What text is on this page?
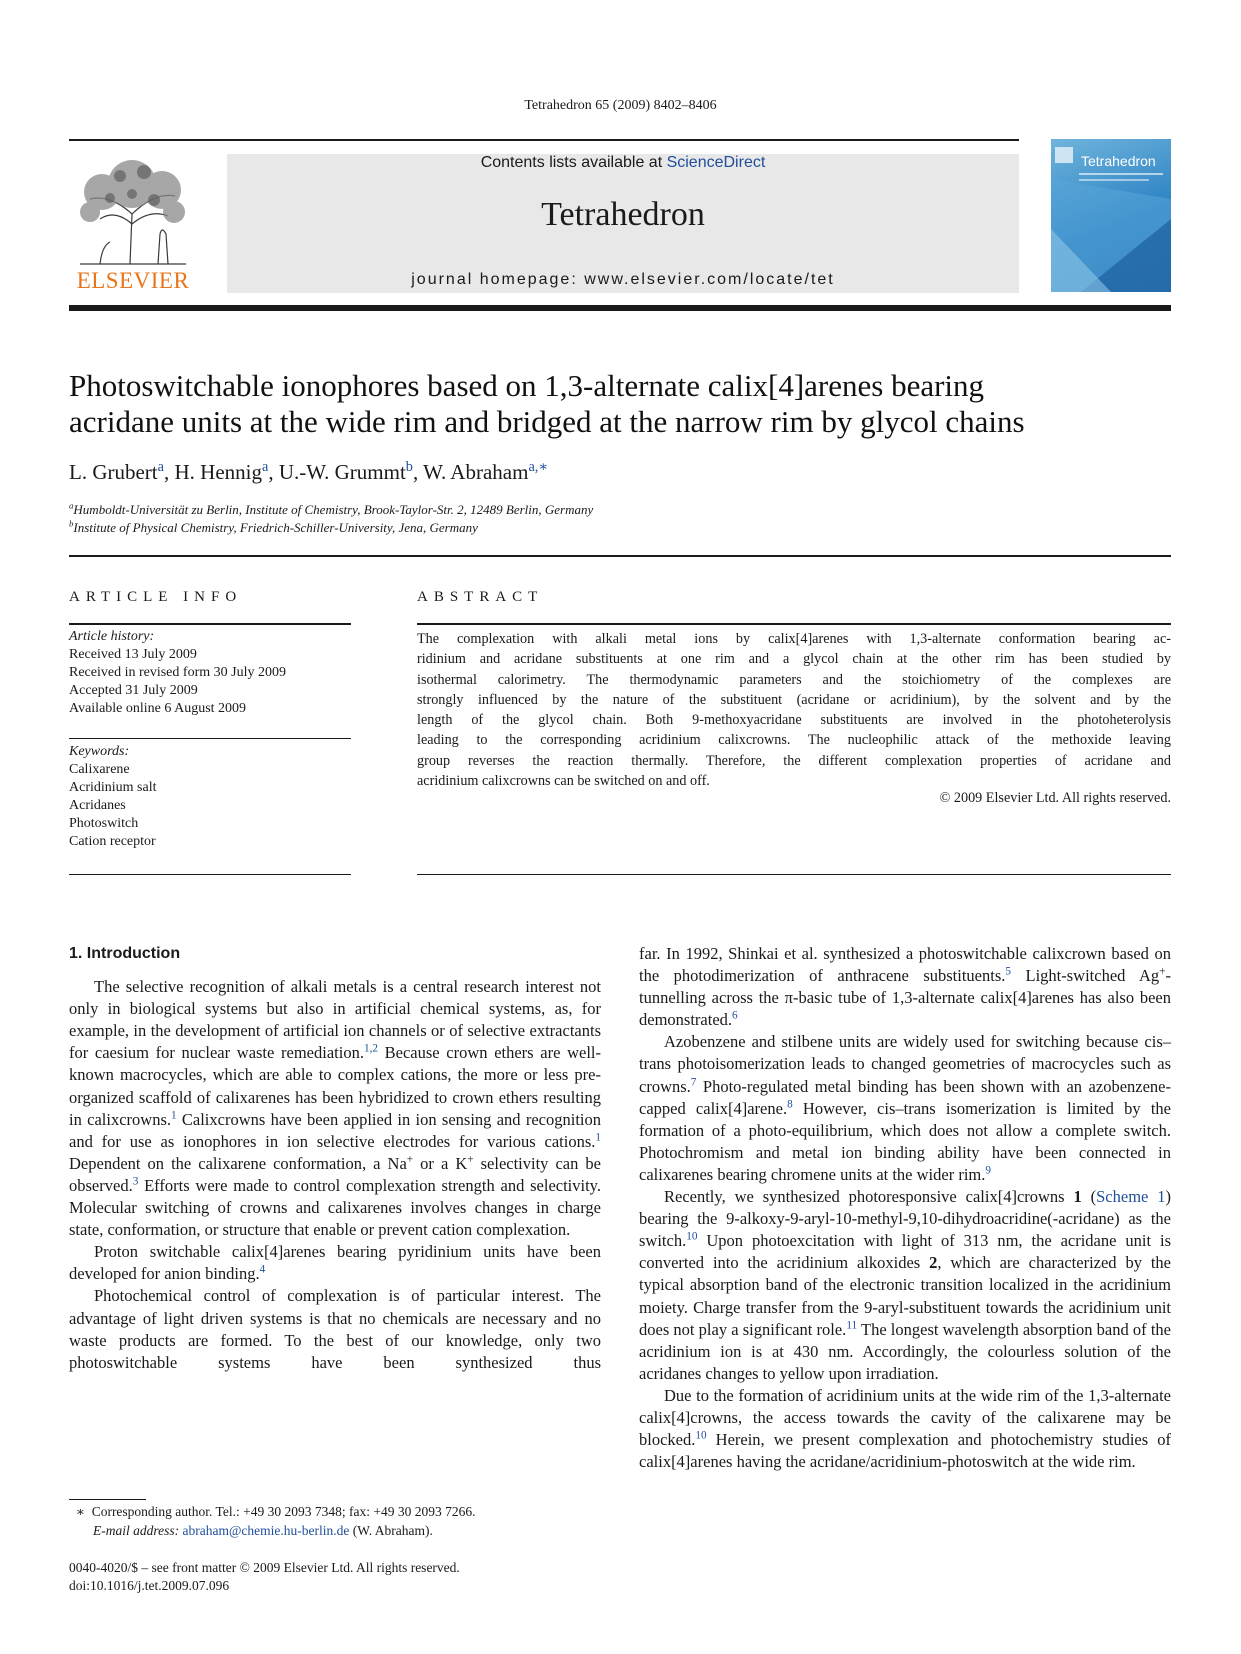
Tetrahedron 65 (2009) 8402–8406
ELSEVIER
Contents lists available at ScienceDirect
Tetrahedron
journal homepage: www.elsevier.com/locate/tet
Tetrahedron
Photoswitchable ionophores based on 1,3-alternate calix[4]arenes bearing
acridane units at the wide rim and bridged at the narrow rim by glycol chains
L. Grubert$^a$, H. Hennig$^a$, U.-W. Grummt$^b$, W. Abraham$^{a,∗}$
$^a$Humboldt-Universität zu Berlin, Institute of Chemistry, Brook-Taylor-Str. 2, 12489 Berlin, Germany
$^b$Institute of Physical Chemistry, Friedrich-Schiller-University, Jena, Germany
ARTICLE INFO
Article history:
Received 13 July 2009
Received in revised form 30 July 2009
Accepted 31 July 2009
Available online 6 August 2009
Keywords:
Calixarene
Acridinium salt
Acridanes
Photoswitch
Cation receptor
ABSTRACT
The complexation with alkali metal ions by calix[4]arenes with 1,3-alternate conformation bearing ac-
ridinium and acridane substituents at one rim and a glycol chain at the other rim has been studied by
isothermal calorimetry. The thermodynamic parameters and the stoichiometry of the complexes are
strongly influenced by the nature of the substituent (acridane or acridinium), by the solvent and by the
length of the glycol chain. Both 9-methoxyacridane substituents are involved in the photoheterolysis
leading to the corresponding acridinium calixcrowns. The nucleophilic attack of the methoxide leaving
group reverses the reaction thermally. Therefore, the different complexation properties of acridane and
acridinium calixcrowns can be switched on and off.
© 2009 Elsevier Ltd. All rights reserved.
1. Introduction

The selective recognition of alkali metals is a central research interest not only in biological systems but also in artificial chemical systems, as, for example, in the development of artificial ion channels or of selective extractants for caesium for nuclear waste remediation.$^{1,2}$ Because crown ethers are well-known macrocycles, which are able to complex cations, the more or less pre-organized scaffold of calixarenes has been hybridized to crown ethers resulting in calixcrowns.$^1$ Calixcrowns have been applied in ion sensing and recognition and for use as ionophores in ion selective electrodes for various cations.$^1$ Dependent on the calixarene conformation, a Na+ or a K+ selectivity can be observed.$^3$ Efforts were made to control complexation strength and selectivity. Molecular switching of crowns and calixarenes involves changes in charge state, conformation, or structure that enable or prevent cation complexation.

Proton switchable calix[4]arenes bearing pyridinium units have been developed for anion binding.$^4$

Photochemical control of complexation is of particular interest. The advantage of light driven systems is that no chemicals are necessary and no waste products are formed. To the best of our knowledge, only two photoswitchable systems have been synthesized thus

far. In 1992, Shinkai et al. synthesized a photoswitchable calixcrown based on the photodimerization of anthracene substituents.$^5$ Light-switched Ag+-tunnelling across the π-basic tube of 1,3-alternate calix[4]arenes has also been demonstrated.$^6$

Azobenzene and stilbene units are widely used for switching because cis–trans photoisomerization leads to changed geometries of macrocycles such as crowns.$^7$ Photo-regulated metal binding has been shown with an azobenzene-capped calix[4]arene.$^8$ However, cis–trans isomerization is limited by the formation of a photo-equilibrium, which does not allow a complete switch. Photochromism and metal ion binding ability have been connected in calixarenes bearing chromene units at the wider rim.$^9$

Recently, we synthesized photoresponsive calix[4]crowns 1 (Scheme 1) bearing the 9-alkoxy-9-aryl-10-methyl-9,10-dihydroacridine(-acridane) as the switch.$^{10}$ Upon photoexcitation with light of 313 nm, the acridane unit is converted into the acridinium alkoxides 2, which are characterized by the typical absorption band of the electronic transition localized in the acridinium moiety. Charge transfer from the 9-aryl-substituent towards the acridinium unit does not play a significant role.$^{11}$ The longest wavelength absorption band of the acridinium ion is at 430 nm. Accordingly, the colourless solution of the acridanes changes to yellow upon irradiation.

Due to the formation of acridinium units at the wide rim of the 1,3-alternate calix[4]crowns, the access towards the cavity of the calixarene may be blocked.$^{10}$ Herein, we present complexation and photochemistry studies of calix[4]arenes having the acridane/acridinium-photoswitch at the wide rim.

∗ Corresponding author. Tel.: +49 30 2093 7348; fax: +49 30 2093 7266.
E-mail address: abraham@chemie.hu-berlin.de (W. Abraham).
0040-4020/$ – see front matter © 2009 Elsevier Ltd. All rights reserved.
doi:10.1016/j.tet.2009.07.096
